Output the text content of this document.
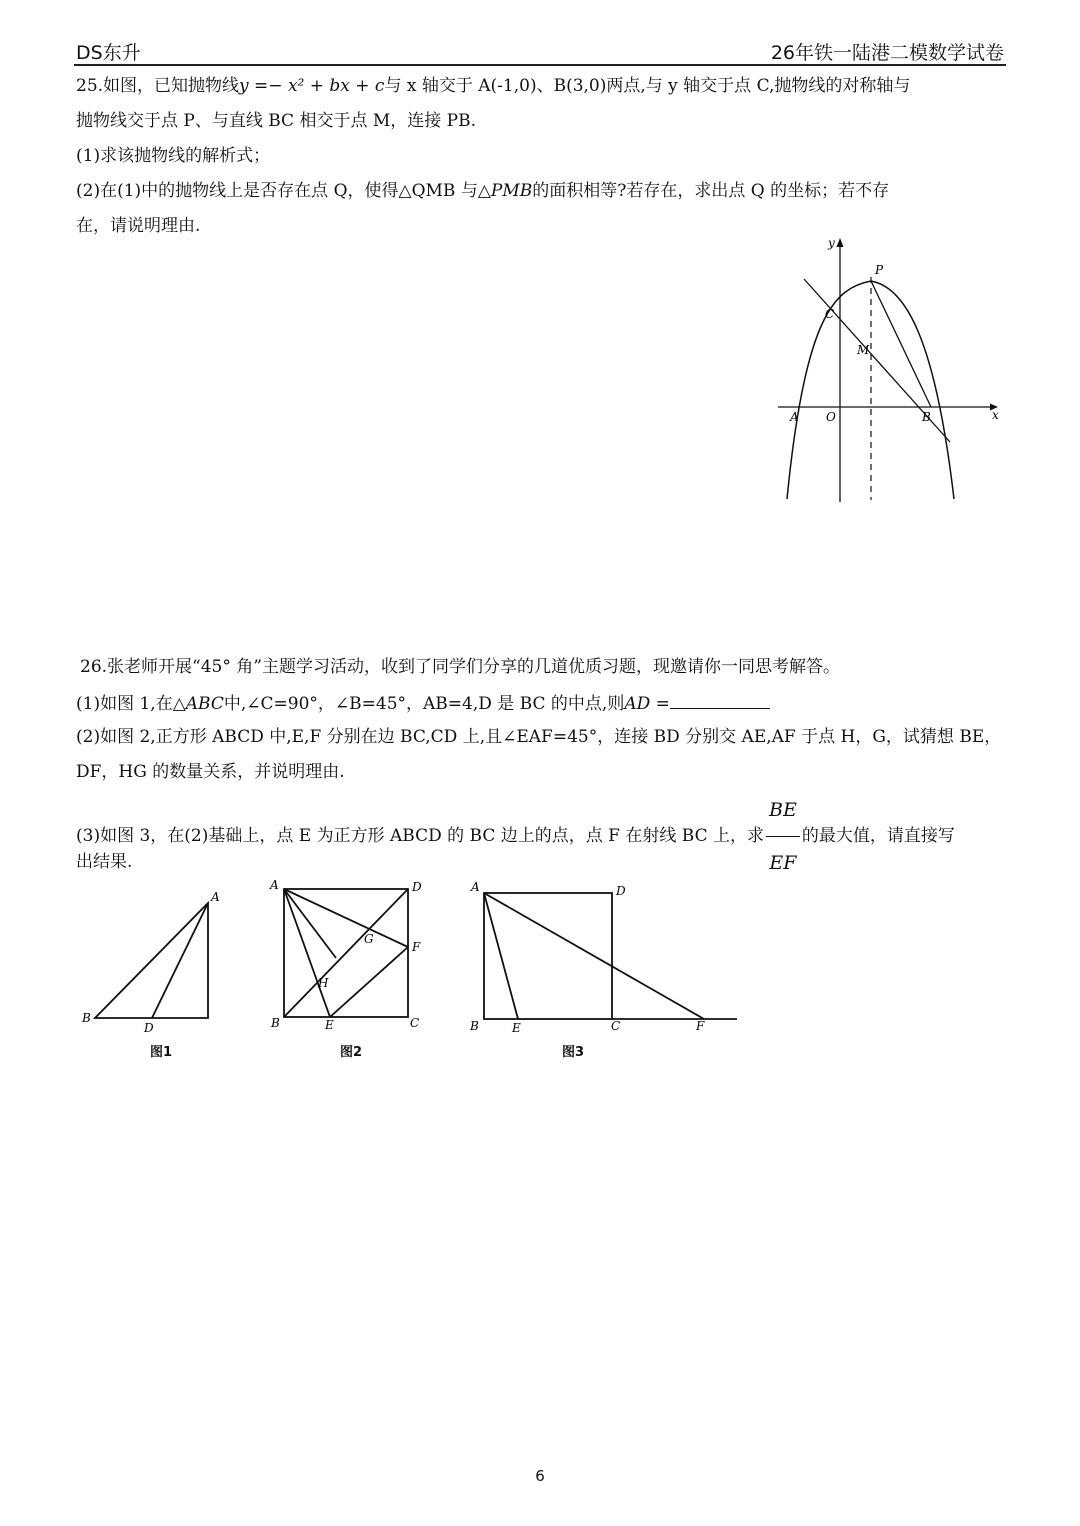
DS东升	26年铁一陆港二模数学试卷
25.如图，已知抛物线y =− x² + bx + c与 x 轴交于 A(-1,0)、B(3,0)两点,与 y 轴交于点 C,抛物线的对称轴与
抛物线交于点 P、与直线 BC 相交于点 M，连接 PB.
(1)求该抛物线的解析式；
(2)在(1)中的抛物线上是否存在点 Q，使得△QMB 与△PMB的面积相等?若存在，求出点 Q 的坐标；若不存
在，请说明理由.
y
x
P
C
M
A O	B
26.张老师开展“45° 角”主题学习活动，收到了同学们分享的几道优质习题，现邀请你一同思考解答。
(1)如图 1,在△ABC中,∠C=90°，∠B=45°，AB=4,D 是 BC 的中点,则AD =
(2)如图 2,正方形 ABCD 中,E,F 分别在边 BC,CD 上,且∠EAF=45°，连接 BD 分别交 AE,AF 于点 H，G，试猜想 BE，
DF，HG 的数量关系，并说明理由.
(3)如图 3，在(2)基础上，点 E 为正方形 ABCD 的 BC 边上的点，点 F 在射线 BC 上，求 $\frac{BE}{EF}$ 的最大值，请直接写
出结果.
A
B
D
图1
A	D
G
F
H
B	E	C
图2
A	D
B	E	C	F
图3
6
